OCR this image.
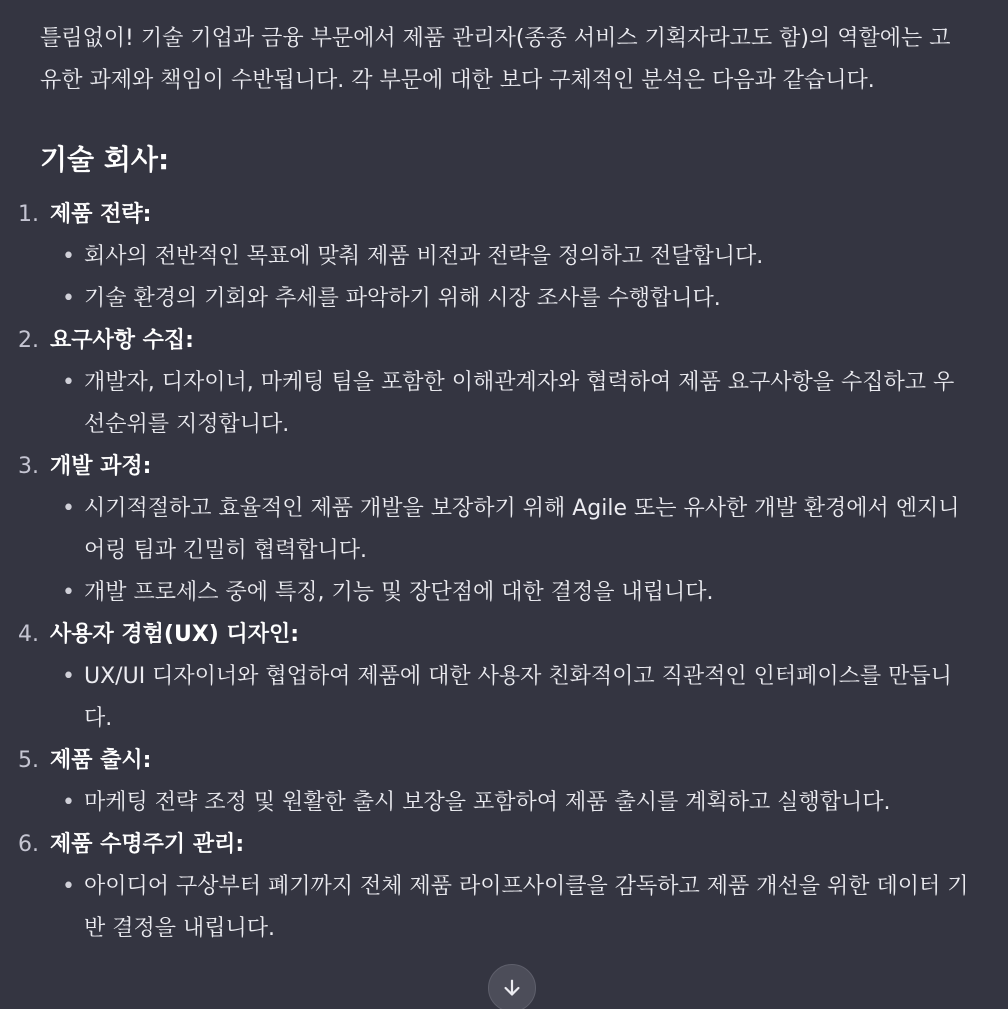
틀림없이! 기술 기업과 금융 부문에서 제품 관리자(종종 서비스 기획자라고도 함)의 역할에는 고유한 과제와 책임이 수반됩니다. 각 부문에 대한 보다 구체적인 분석은 다음과 같습니다.

기술 회사:
1. 제품 전략:
• 회사의 전반적인 목표에 맞춰 제품 비전과 전략을 정의하고 전달합니다.
• 기술 환경의 기회와 추세를 파악하기 위해 시장 조사를 수행합니다.
2. 요구사항 수집:
• 개발자, 디자이너, 마케팅 팀을 포함한 이해관계자와 협력하여 제품 요구사항을 수집하고 우선순위를 지정합니다.
3. 개발 과정:
• 시기적절하고 효율적인 제품 개발을 보장하기 위해 Agile 또는 유사한 개발 환경에서 엔지니어링 팀과 긴밀히 협력합니다.
• 개발 프로세스 중에 특징, 기능 및 장단점에 대한 결정을 내립니다.
4. 사용자 경험(UX) 디자인:
• UX/UI 디자이너와 협업하여 제품에 대한 사용자 친화적이고 직관적인 인터페이스를 만듭니다.
5. 제품 출시:
• 마케팅 전략 조정 및 원활한 출시 보장을 포함하여 제품 출시를 계획하고 실행합니다.
6. 제품 수명주기 관리:
• 아이디어 구상부터 폐기까지 전체 제품 라이프사이클을 감독하고 제품 개선을 위한 데이터 기반 결정을 내립니다.
